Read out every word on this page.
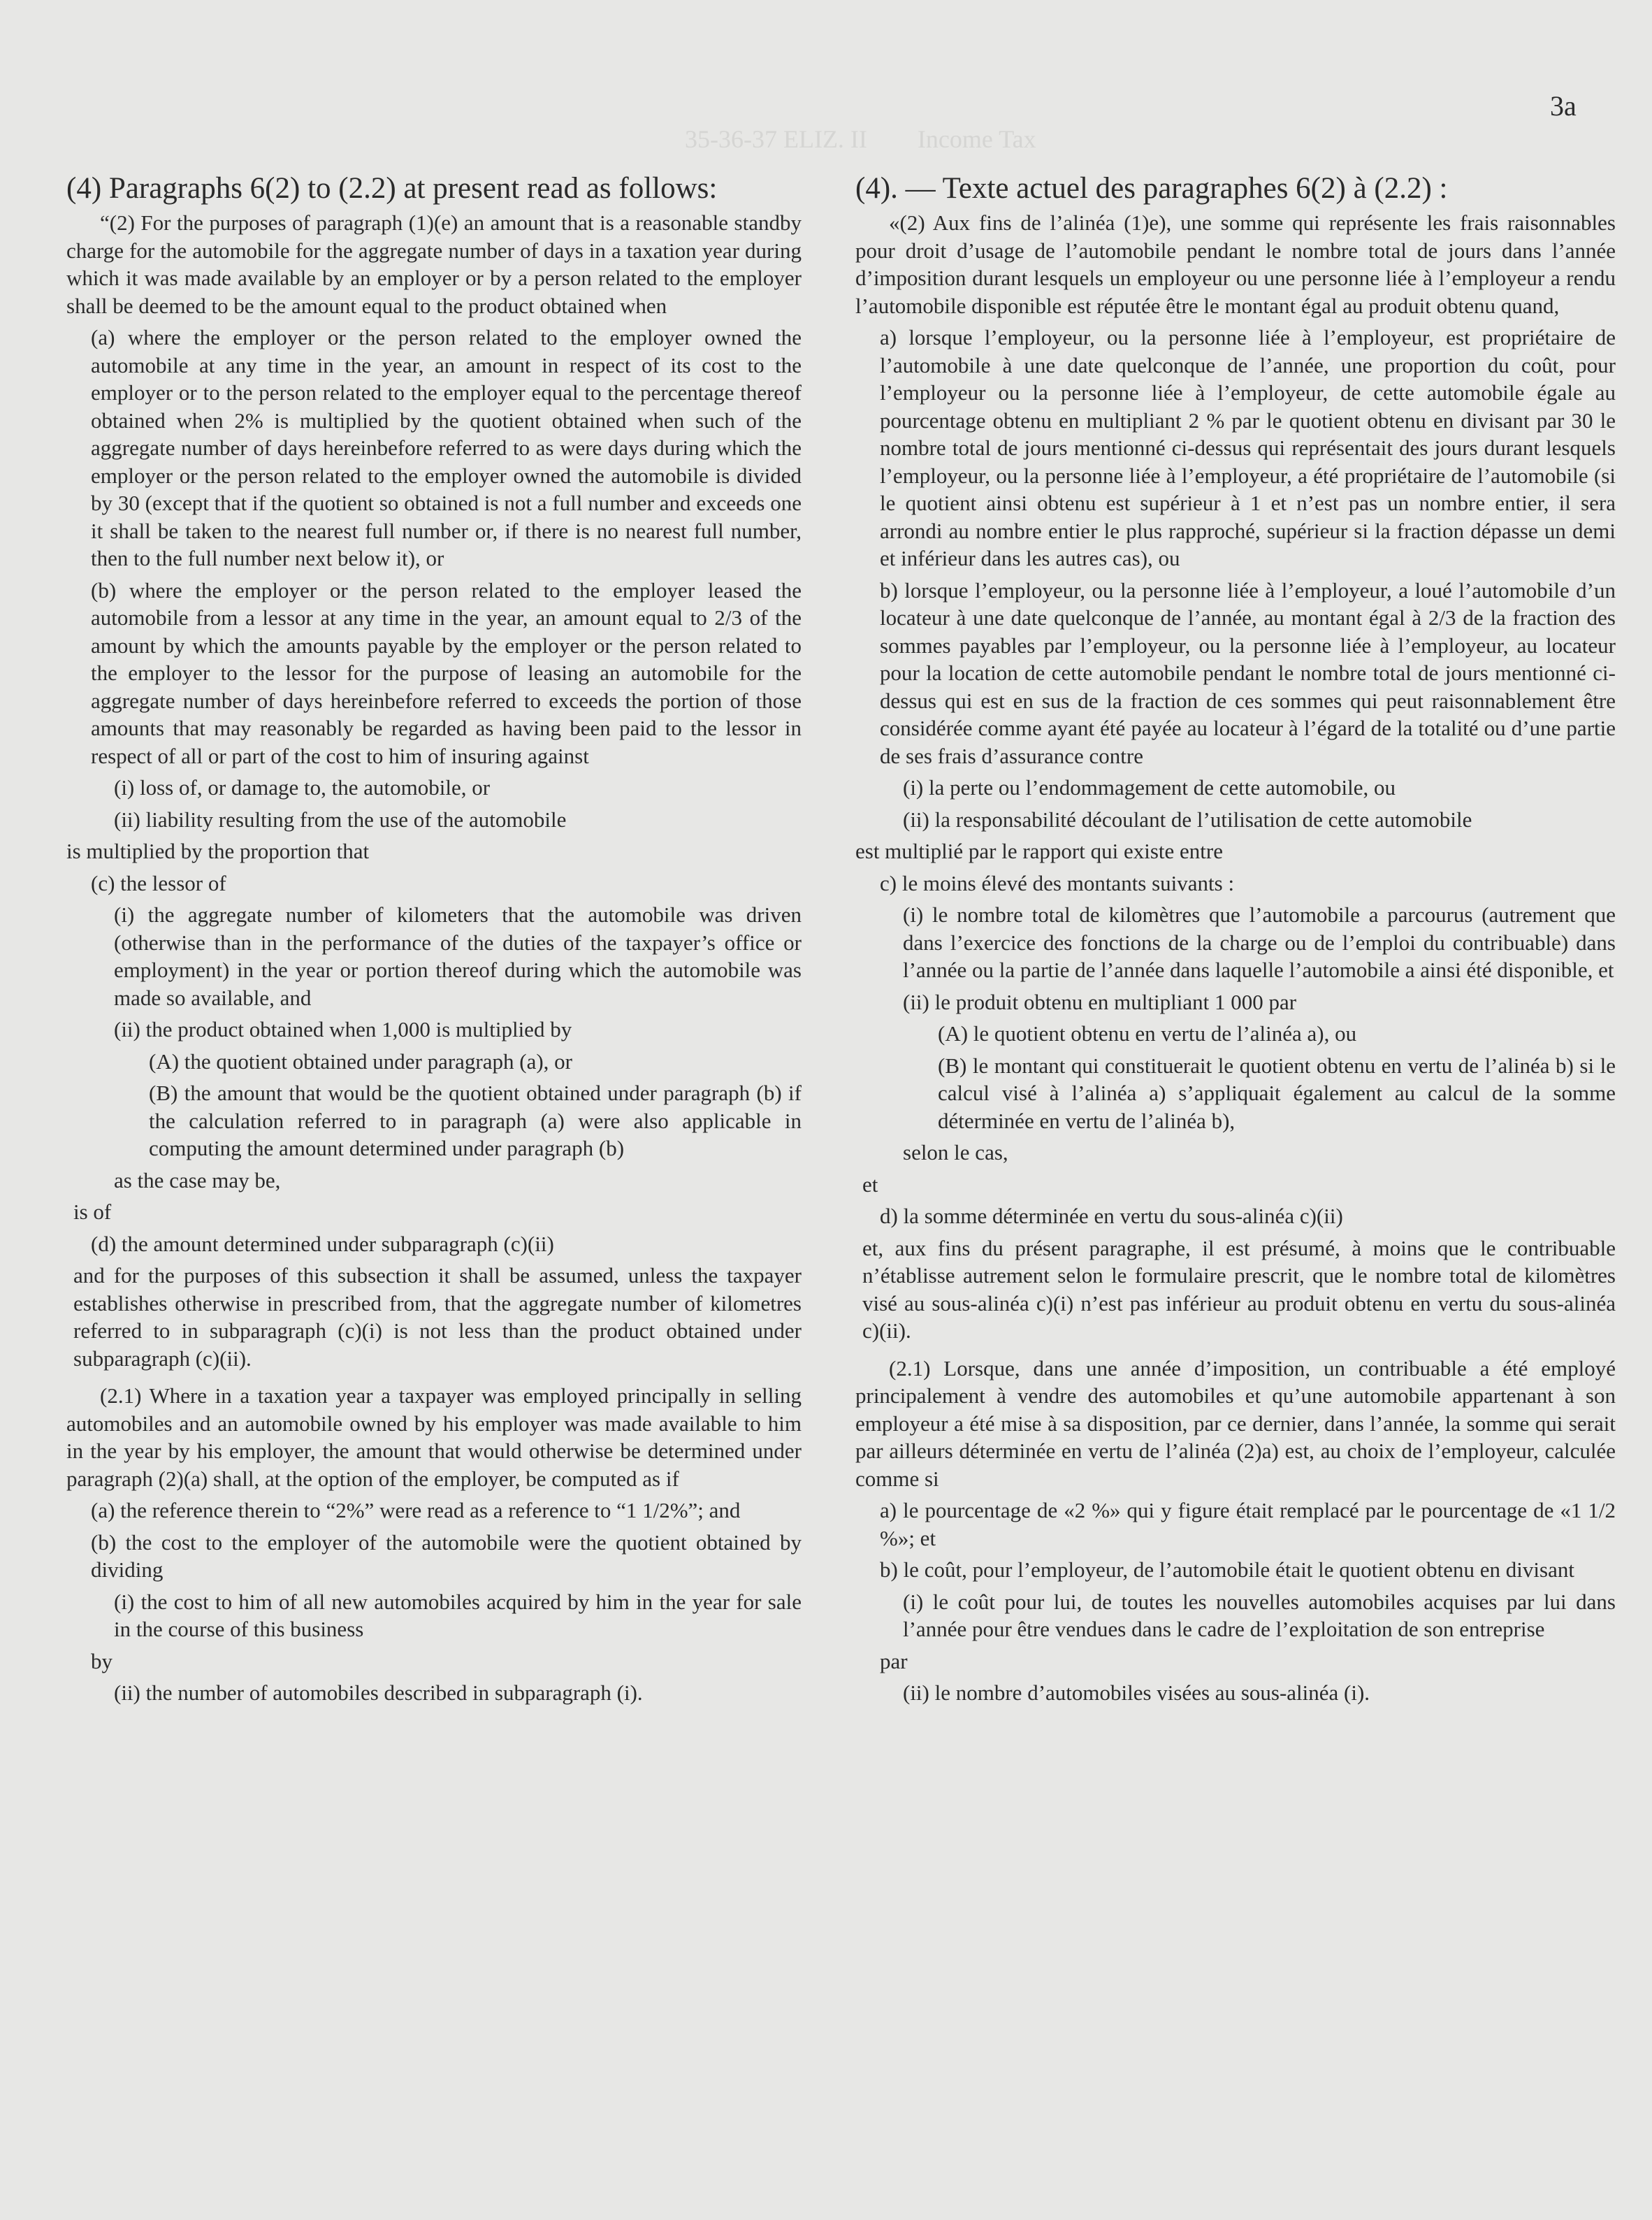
35-36-37 ELIZ. II        Income Tax
3a
(4) Paragraphs 6(2) to (2.2) at present read as follows:

“(2) For the purposes of paragraph (1)(e) an amount that is a reasonable standby charge for the automobile for the aggregate number of days in a taxation year during which it was made available by an employer or by a person related to the employer shall be deemed to be the amount equal to the product obtained when

(a) where the employer or the person related to the employer owned the automobile at any time in the year, an amount in respect of its cost to the employer or to the person related to the employer equal to the percentage thereof obtained when 2% is multiplied by the quotient obtained when such of the aggregate number of days hereinbefore referred to as were days during which the employer or the person related to the employer owned the automobile is divided by 30 (except that if the quotient so obtained is not a full number and exceeds one it shall be taken to the nearest full number or, if there is no nearest full number, then to the full number next below it), or

(b) where the employer or the person related to the employer leased the automobile from a lessor at any time in the year, an amount equal to 2/3 of the amount by which the amounts payable by the employer or the person related to the employer to the lessor for the purpose of leasing an automobile for the aggregate number of days hereinbefore referred to exceeds the portion of those amounts that may reasonably be regarded as having been paid to the lessor in respect of all or part of the cost to him of insuring against

(i) loss of, or damage to, the automobile, or

(ii) liability resulting from the use of the automobile

is multiplied by the proportion that

(c) the lessor of

(i) the aggregate number of kilometers that the automobile was driven (otherwise than in the performance of the duties of the taxpayer’s office or employment) in the year or portion thereof during which the automobile was made so available, and

(ii) the product obtained when 1,000 is multiplied by

(A) the quotient obtained under paragraph (a), or

(B) the amount that would be the quotient obtained under paragraph (b) if the calculation referred to in paragraph (a) were also applicable in computing the amount determined under paragraph (b)

as the case may be,

is of

(d) the amount determined under subparagraph (c)(ii)

and for the purposes of this subsection it shall be assumed, unless the taxpayer establishes otherwise in prescribed from, that the aggregate number of kilometres referred to in subparagraph (c)(i) is not less than the product obtained under subparagraph (c)(ii).

(2.1) Where in a taxation year a taxpayer was employed principally in selling automobiles and an automobile owned by his employer was made available to him in the year by his employer, the amount that would otherwise be determined under paragraph (2)(a) shall, at the option of the employer, be computed as if

(a) the reference therein to “2%” were read as a reference to “1 1/2%”; and

(b) the cost to the employer of the automobile were the quotient obtained by dividing

(i) the cost to him of all new automobiles acquired by him in the year for sale in the course of this business

by

(ii) the number of automobiles described in subparagraph (i).

(4). — Texte actuel des paragraphes 6(2) à (2.2) :

«(2) Aux fins de l’alinéa (1)e), une somme qui représente les frais raisonnables pour droit d’usage de l’automobile pendant le nombre total de jours dans l’année d’imposition durant lesquels un employeur ou une personne liée à l’employeur a rendu l’automobile disponible est réputée être le montant égal au produit obtenu quand,

a) lorsque l’employeur, ou la personne liée à l’employeur, est propriétaire de l’automobile à une date quelconque de l’année, une proportion du coût, pour l’employeur ou la personne liée à l’employeur, de cette automobile égale au pourcentage obtenu en multipliant 2 % par le quotient obtenu en divisant par 30 le nombre total de jours mentionné ci-dessus qui représentait des jours durant lesquels l’employeur, ou la personne liée à l’employeur, a été propriétaire de l’automobile (si le quotient ainsi obtenu est supérieur à 1 et n’est pas un nombre entier, il sera arrondi au nombre entier le plus rapproché, supérieur si la fraction dépasse un demi et inférieur dans les autres cas), ou

b) lorsque l’employeur, ou la personne liée à l’employeur, a loué l’automobile d’un locateur à une date quelconque de l’année, au montant égal à 2/3 de la fraction des sommes payables par l’employeur, ou la personne liée à l’employeur, au locateur pour la location de cette automobile pendant le nombre total de jours mentionné ci-dessus qui est en sus de la fraction de ces sommes qui peut raisonnablement être considérée comme ayant été payée au locateur à l’égard de la totalité ou d’une partie de ses frais d’assurance contre

(i) la perte ou l’endommagement de cette automobile, ou

(ii) la responsabilité découlant de l’utilisation de cette automobile

est multiplié par le rapport qui existe entre

c) le moins élevé des montants suivants :

(i) le nombre total de kilomètres que l’automobile a parcourus (autrement que dans l’exercice des fonctions de la charge ou de l’emploi du contribuable) dans l’année ou la partie de l’année dans laquelle l’automobile a ainsi été disponible, et

(ii) le produit obtenu en multipliant 1 000 par

(A) le quotient obtenu en vertu de l’alinéa a), ou

(B) le montant qui constituerait le quotient obtenu en vertu de l’alinéa b) si le calcul visé à l’alinéa a) s’appliquait également au calcul de la somme déterminée en vertu de l’alinéa b),

selon le cas,

et

d) la somme déterminée en vertu du sous-alinéa c)(ii)

et, aux fins du présent paragraphe, il est présumé, à moins que le contribuable n’établisse autrement selon le formulaire prescrit, que le nombre total de kilomètres visé au sous-alinéa c)(i) n’est pas inférieur au produit obtenu en vertu du sous-alinéa c)(ii).

(2.1) Lorsque, dans une année d’imposition, un contribuable a été employé principalement à vendre des automobiles et qu’une automobile appartenant à son employeur a été mise à sa disposition, par ce dernier, dans l’année, la somme qui serait par ailleurs déterminée en vertu de l’alinéa (2)a) est, au choix de l’employeur, calculée comme si

a) le pourcentage de «2 %» qui y figure était remplacé par le pourcentage de «1 1/2 %»; et

b) le coût, pour l’employeur, de l’automobile était le quotient obtenu en divisant

(i) le coût pour lui, de toutes les nouvelles automobiles acquises par lui dans l’année pour être vendues dans le cadre de l’exploitation de son entreprise

par

(ii) le nombre d’automobiles visées au sous-alinéa (i).
